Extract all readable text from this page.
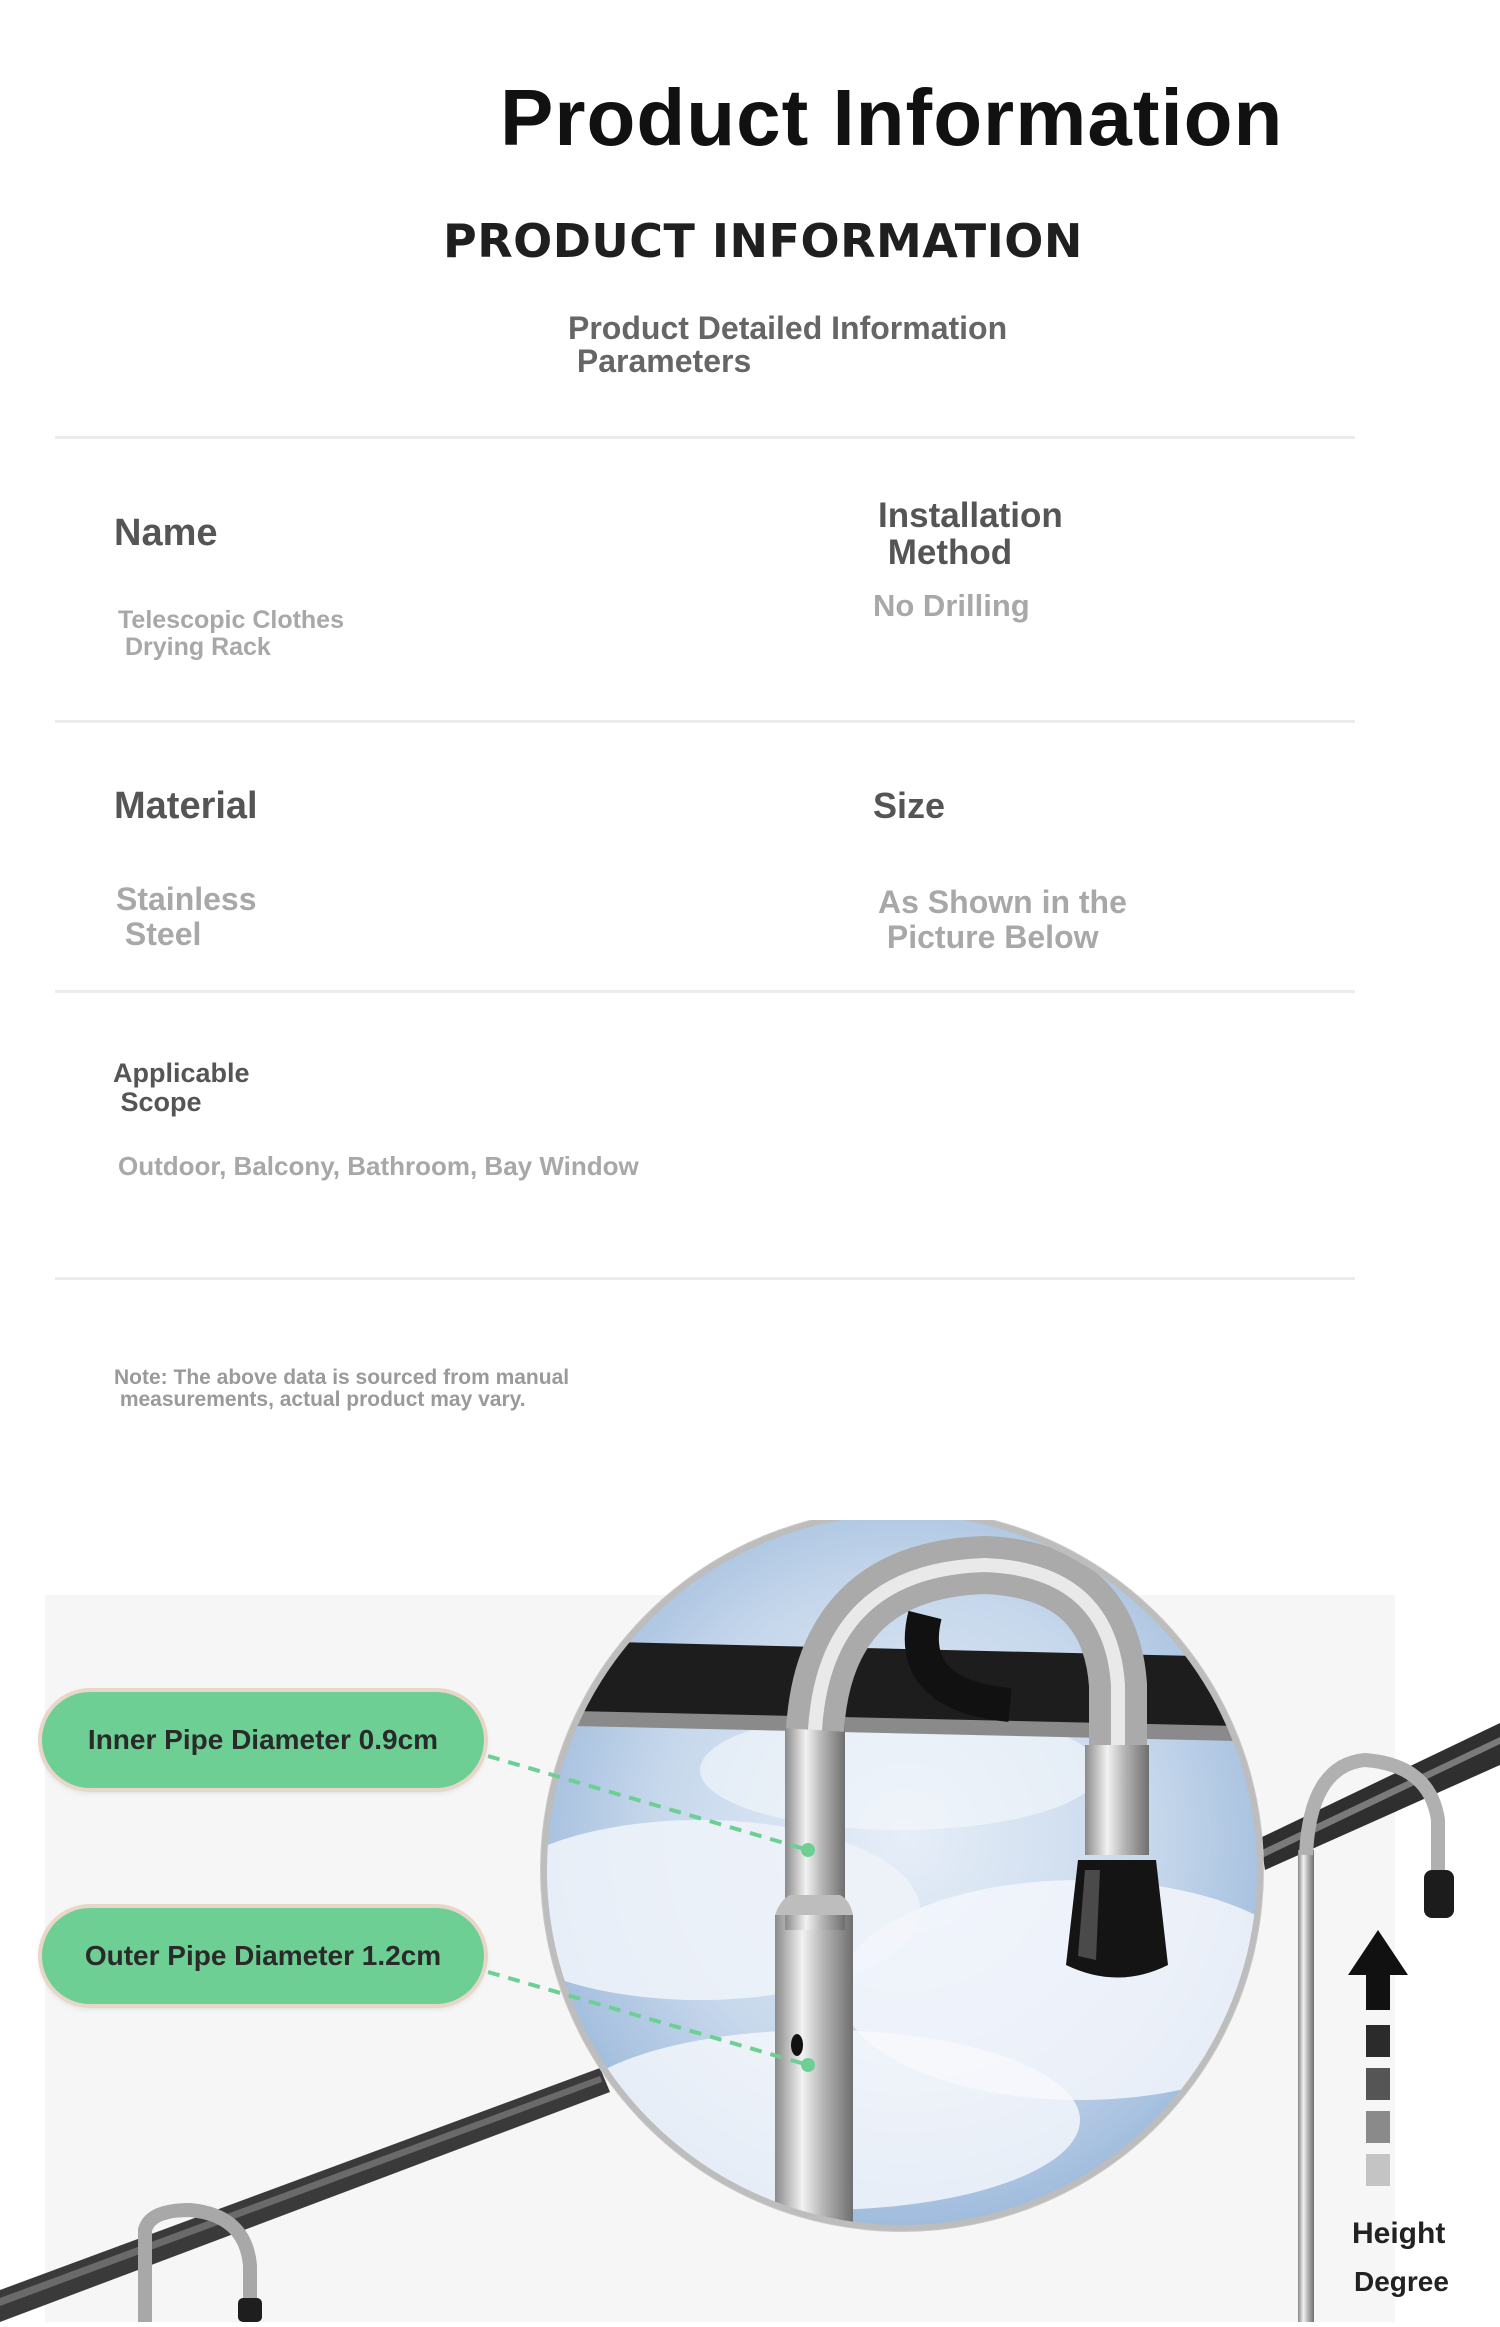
Product Information
PRODUCT INFORMATION
Product Detailed Information
Parameters
Name
Telescopic Clothes
Drying Rack
Installation
Method
No Drilling
Material
Stainless
Steel
Size
As Shown in the
Picture Below
Applicable
Scope
Outdoor, Balcony, Bathroom, Bay Window
Note: The above data is sourced from manual
measurements, actual product may vary.
Inner Pipe Diameter 0.9cm
Outer Pipe Diameter 1.2cm
Height
Degree
